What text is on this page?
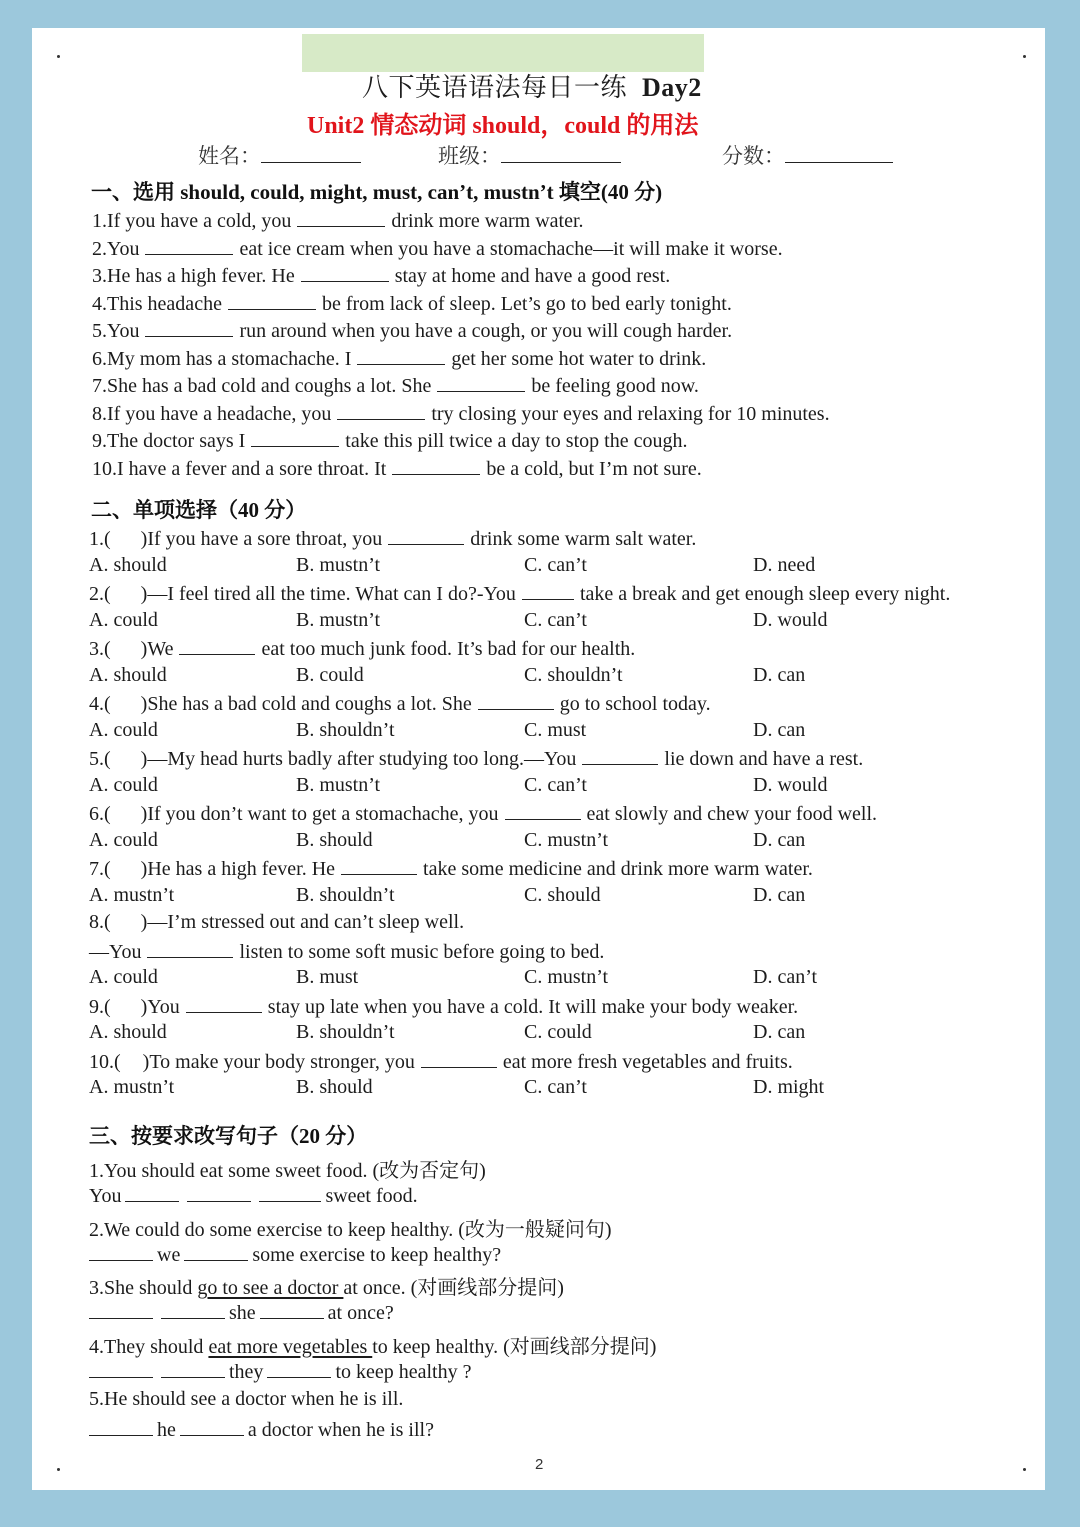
八下英语语法每日一练 Day2
Unit2 情态动词 should，could 的用法
姓名：	班级：	分数：
一、选用 should, could, might, must, can’t, mustn’t 填空(40 分)
1.If you have a cold, you	drink more warm water.
2.You	eat ice cream when you have a stomachache—it will make it worse.
3.He has a high fever. He	stay at home and have a good rest.
4.This headache	be from lack of sleep. Let’s go to bed early tonight.
5.You	run around when you have a cough, or you will cough harder.
6.My mom has a stomachache. I	get her some hot water to drink.
7.She has a bad cold and coughs a lot. She	be feeling good now.
8.If you have a headache, you	try closing your eyes and relaxing for 10 minutes.
9.The doctor says I	take this pill twice a day to stop the cough.
10.I have a fever and a sore throat. It	be a cold, but I’m not sure.
二、单项选择（40 分）
1.( )If you have a sore throat, you	drink some warm salt water.
A. should	B. mustn’t	C. can’t	D. need
2.( )—I feel tired all the time. What can I do?-You	take a break and get enough sleep every night.
A. could	B. mustn’t	C. can’t	D. would
3.( )We	eat too much junk food. It’s bad for our health.
A. should	B. could	C. shouldn’t	D. can
4.( )She has a bad cold and coughs a lot. She	go to school today.
A. could	B. shouldn’t	C. must	D. can
5.( )—My head hurts badly after studying too long.—You	lie down and have a rest.
A. could	B. mustn’t	C. can’t	D. would
6.( )If you don’t want to get a stomachache, you	eat slowly and chew your food well.
A. could	B. should	C. mustn’t	D. can
7.( )He has a high fever. He	take some medicine and drink more warm water.
A. mustn’t	B. shouldn’t	C. should	D. can
8.( )—I’m stressed out and can’t sleep well.
—You	listen to some soft music before going to bed.
A. could	B. must	C. mustn’t	D. can’t
9.( )You	stay up late when you have a cold. It will make your body weaker.
A. should	B. shouldn’t	C. could	D. can
10.( )To make your body stronger, you	eat more fresh vegetables and fruits.
A. mustn’t	B. should	C. can’t	D. might
三、按要求改写句子（20 分）
1.You should eat some sweet food. (改为否定句)
You	sweet food.
2.We could do some exercise to keep healthy. (改为一般疑问句)
we	some exercise to keep healthy?
3.She should go to see a doctor at once. (对画线部分提问)
she	at once?
4.They should eat more vegetables to keep healthy. (对画线部分提问)
they	to keep healthy ?
5.He should see a doctor when he is ill.
he	a doctor when he is ill?
2
